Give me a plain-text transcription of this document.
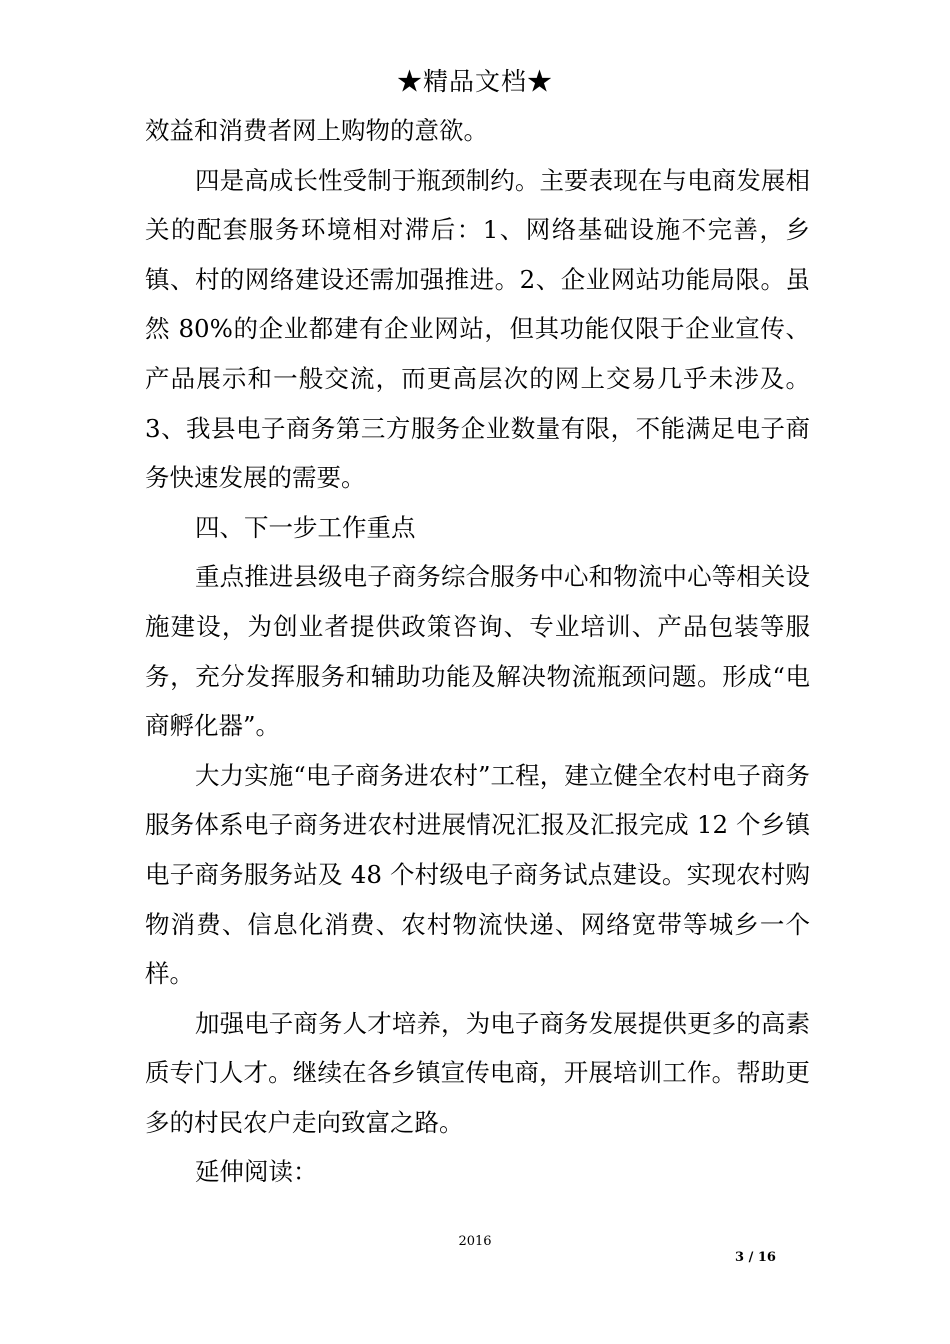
★精品文档★

效益和消费者网上购物的意欲。

四是高成长性受制于瓶颈制约。主要表现在与电商发展相关的配套服务环境相对滞后：1、网络基础设施不完善，乡镇、村的网络建设还需加强推进。2、企业网站功能局限。虽然 80%的企业都建有企业网站，但其功能仅限于企业宣传、产品展示和一般交流，而更高层次的网上交易几乎未涉及。3、我县电子商务第三方服务企业数量有限，不能满足电子商务快速发展的需要。

四、下一步工作重点

重点推进县级电子商务综合服务中心和物流中心等相关设施建设，为创业者提供政策咨询、专业培训、产品包装等服务，充分发挥服务和辅助功能及解决物流瓶颈问题。形成“电商孵化器”。

大力实施“电子商务进农村”工程，建立健全农村电子商务服务体系电子商务进农村进展情况汇报及汇报完成 12 个乡镇电子商务服务站及 48 个村级电子商务试点建设。实现农村购物消费、信息化消费、农村物流快递、网络宽带等城乡一个样。

加强电子商务人才培养，为电子商务发展提供更多的高素质专门人才。继续在各乡镇宣传电商，开展培训工作。帮助更多的村民农户走向致富之路。

延伸阅读：

2016
3 / 16
